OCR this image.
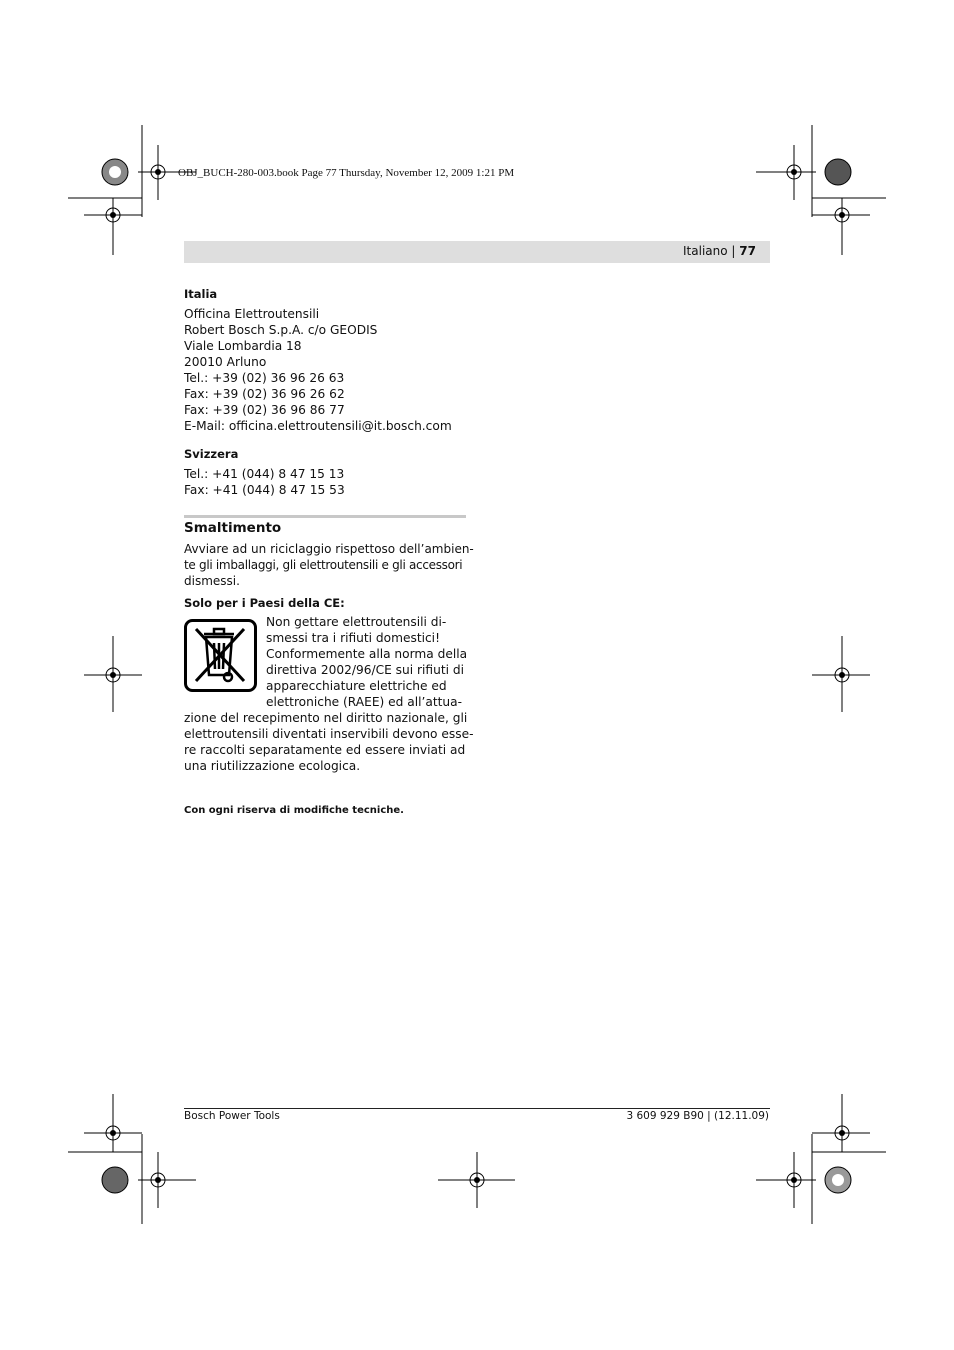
OBJ_BUCH-280-003.book Page 77 Thursday, November 12, 2009 1:21 PM
Italiano | 77
Italia
Officina Elettroutensili
Robert Bosch S.p.A. c/o GEODIS
Viale Lombardia 18
20010 Arluno
Tel.: +39 (02) 36 96 26 63
Fax: +39 (02) 36 96 26 62
Fax: +39 (02) 36 96 86 77
E-Mail: officina.elettroutensili@it.bosch.com
Svizzera
Tel.: +41 (044) 8 47 15 13
Fax: +41 (044) 8 47 15 53
Smaltimento
Avviare ad un riciclaggio rispettoso dell’ambien-
te gli imballaggi, gli elettroutensili e gli accessori
dismessi.
Solo per i Paesi della CE:
Non gettare elettroutensili di-
smessi tra i rifiuti domestici!
Conformemente alla norma della
direttiva 2002/96/CE sui rifiuti di
apparecchiature elettriche ed
elettroniche (RAEE) ed all’attua-
zione del recepimento nel diritto nazionale, gli
elettroutensili diventati inservibili devono esse-
re raccolti separatamente ed essere inviati ad
una riutilizzazione ecologica.
Con ogni riserva di modifiche tecniche.
Bosch Power Tools	3 609 929 B90 | (12.11.09)
